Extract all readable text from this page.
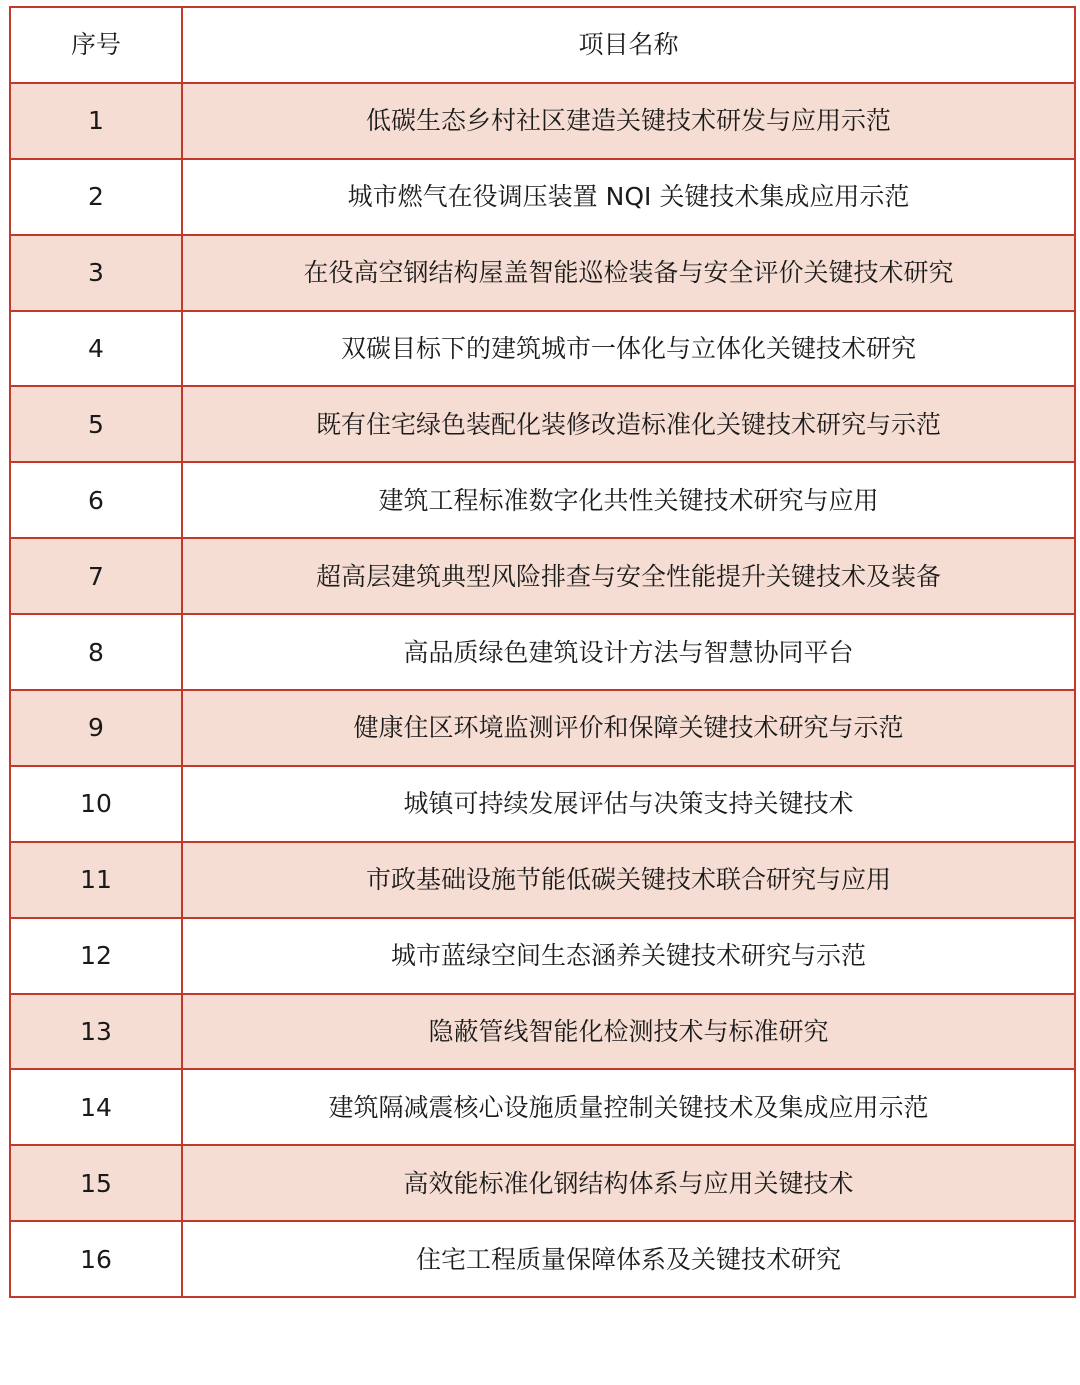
序号	项目名称
1	低碳生态乡村社区建造关键技术研发与应用示范
2	城市燃气在役调压装置 NQI 关键技术集成应用示范
3	在役高空钢结构屋盖智能巡检装备与安全评价关键技术研究
4	双碳目标下的建筑城市一体化与立体化关键技术研究
5	既有住宅绿色装配化装修改造标准化关键技术研究与示范
6	建筑工程标准数字化共性关键技术研究与应用
7	超高层建筑典型风险排查与安全性能提升关键技术及装备
8	高品质绿色建筑设计方法与智慧协同平台
9	健康住区环境监测评价和保障关键技术研究与示范
10	城镇可持续发展评估与决策支持关键技术
11	市政基础设施节能低碳关键技术联合研究与应用
12	城市蓝绿空间生态涵养关键技术研究与示范
13	隐蔽管线智能化检测技术与标准研究
14	建筑隔减震核心设施质量控制关键技术及集成应用示范
15	高效能标准化钢结构体系与应用关键技术
16	住宅工程质量保障体系及关键技术研究
